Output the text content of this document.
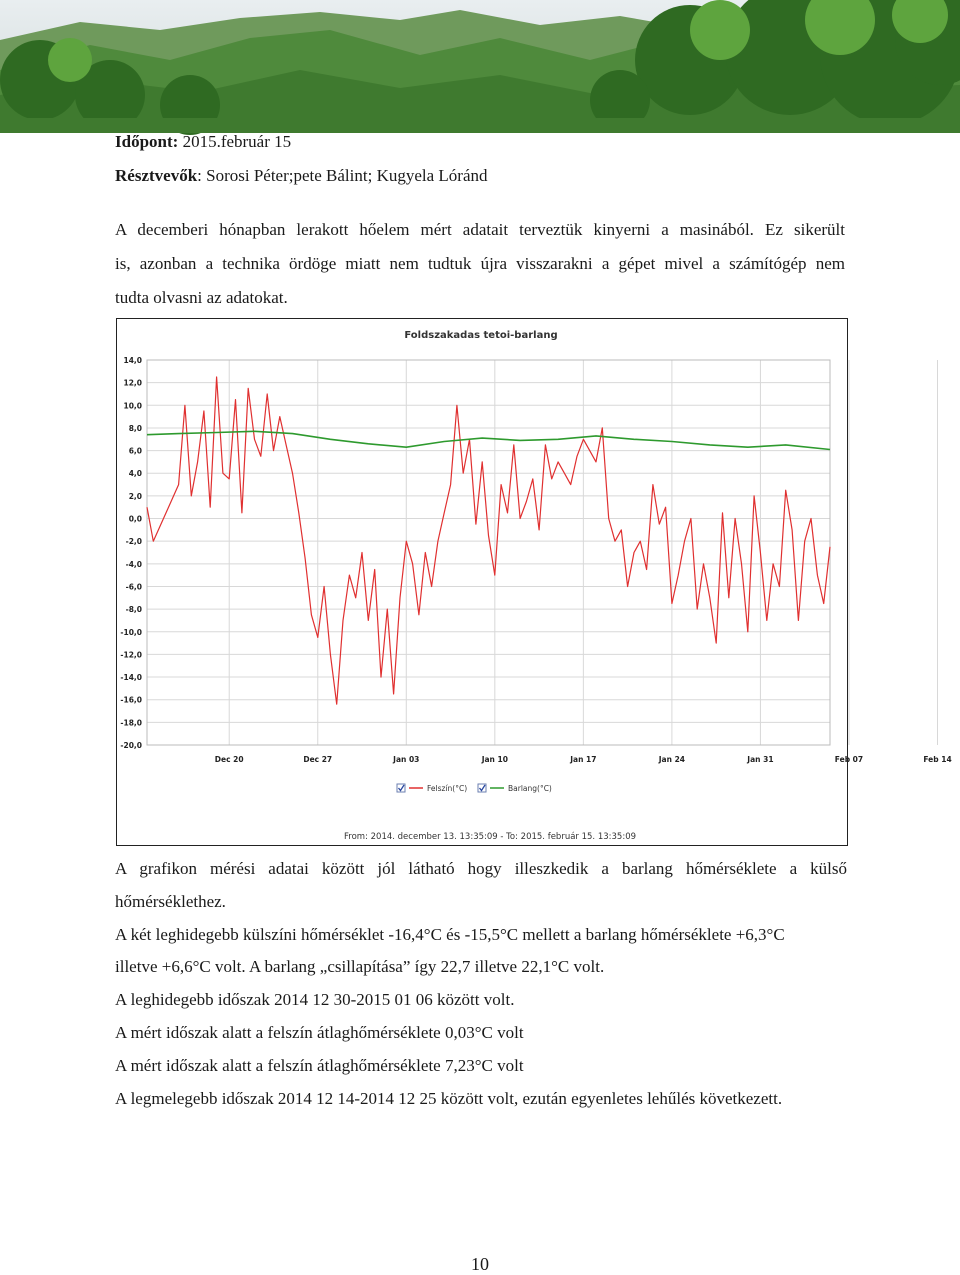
Időpont: 2015.február 15
Résztvevők: Sorosi Péter;pete Bálint; Kugyela Lóránd
A decemberi hónapban lerakott hőelem mért adatait terveztük kinyerni a masinából. Ez sikerült
is, azonban a technika ördöge miatt nem tudtuk újra visszarakni a gépet mivel a számítógép nem
tudta olvasni az adatokat.
Foldszakadas tetoi-barlang
14,0
12,0
10,0
8,0
6,0
4,0
2,0
0,0
-2,0
-4,0
-6,0
-8,0
-10,0
-12,0
-14,0
-16,0
-18,0
-20,0
Dec 20	Dec 27	Jan 03	Jan 10	Jan 17	Jan 24	Jan 31	Feb 07	Feb 14
Felszín(°C)	Barlang(°C)
From: 2014. december 13. 13:35:09 - To: 2015. február 15. 13:35:09
A grafikon mérési adatai között jól látható hogy illeszkedik a barlang hőmérséklete a külső
hőmérséklethez.
A két leghidegebb külszíni hőmérséklet -16,4°C és -15,5°C mellett a barlang hőmérséklete +6,3°C
illetve +6,6°C volt. A barlang „csillapítása” így 22,7 illetve 22,1°C volt.
A leghidegebb időszak 2014 12 30-2015 01 06 között volt.
A mért időszak alatt a felszín átlaghőmérséklete 0,03°C volt
A mért időszak alatt a felszín átlaghőmérséklete 7,23°C volt
A legmelegebb időszak 2014 12 14-2014 12 25 között volt, ezután egyenletes lehűlés következett.
10
